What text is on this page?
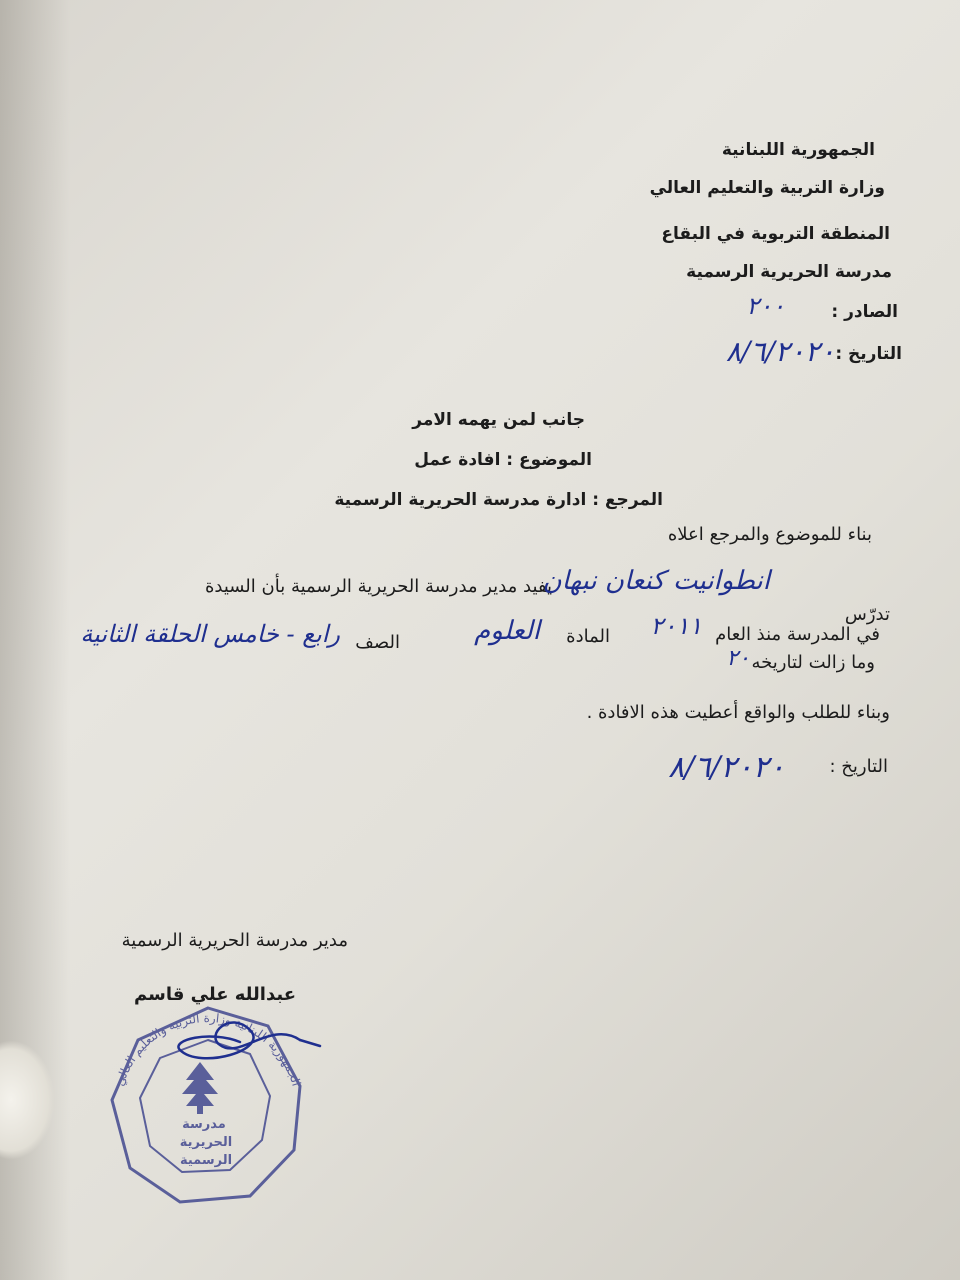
الجمهورية اللبنانية
وزارة التربية والتعليم العالي
المنطقة التربوية في البقاع
مدرسة الحريرية الرسمية
الصادر :
٢٠٠
التاريخ :
٨/٦/٢٠٢٠
جانب لمن يهمه الامر
الموضوع : افادة عمل
المرجع : ادارة مدرسة الحريرية الرسمية
بناء للموضوع والمرجع اعلاه
يفيد مدير مدرسة الحريرية الرسمية بأن السيدة
انطوانيت كنعان نبهان
تدرّس
في المدرسة منذ العام
٢٠١١
المادة
العلوم
الصف
رابع - خامس الحلقة الثانية
وما زالت لتاريخه
٢٠
وبناء للطلب والواقع أعطيت هذه الافادة .
التاريخ :
٨/٦/٢٠٢٠
مدير مدرسة الحريرية الرسمية
عبدالله علي قاسم
الجمهورية اللبنانية وزارة التربية والتعليم العالي
مدرسة
الحريرية
الرسمية
